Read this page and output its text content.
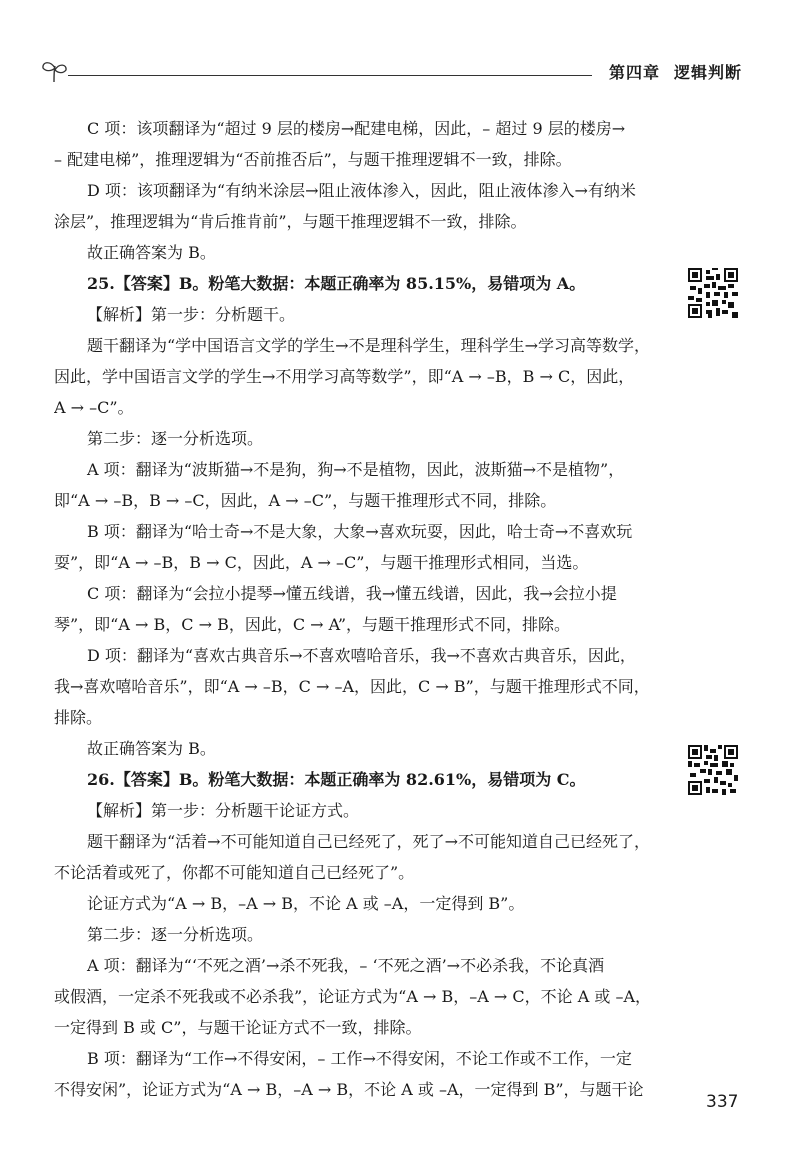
第四章 逻辑判断
C 项：该项翻译为“超过 9 层的楼房→配建电梯，因此，– 超过 9 层的楼房→
– 配建电梯”，推理逻辑为“否前推否后”，与题干推理逻辑不一致，排除。
D 项：该项翻译为“有纳米涂层→阻止液体渗入，因此，阻止液体渗入→有纳米
涂层”，推理逻辑为“肯后推肯前”，与题干推理逻辑不一致，排除。
故正确答案为 B。
25.【答案】B。粉笔大数据：本题正确率为 85.15%，易错项为 A。
【解析】第一步：分析题干。
题干翻译为“学中国语言文学的学生→不是理科学生，理科学生→学习高等数学，
因此，学中国语言文学的学生→不用学习高等数学”，即“A → –B，B → C，因此，
A → –C”。
第二步：逐一分析选项。
A 项：翻译为“波斯猫→不是狗，狗→不是植物，因此，波斯猫→不是植物”，
即“A → –B，B → –C，因此，A → –C”，与题干推理形式不同，排除。
B 项：翻译为“哈士奇→不是大象，大象→喜欢玩耍，因此，哈士奇→不喜欢玩
耍”，即“A → –B，B → C，因此，A → –C”，与题干推理形式相同，当选。
C 项：翻译为“会拉小提琴→懂五线谱，我→懂五线谱，因此，我→会拉小提
琴”，即“A → B，C → B，因此，C → A”，与题干推理形式不同，排除。
D 项：翻译为“喜欢古典音乐→不喜欢嘻哈音乐，我→不喜欢古典音乐，因此，
我→喜欢嘻哈音乐”，即“A → –B，C → –A，因此，C → B”，与题干推理形式不同，
排除。
故正确答案为 B。
26.【答案】B。粉笔大数据：本题正确率为 82.61%，易错项为 C。
【解析】第一步：分析题干论证方式。
题干翻译为“活着→不可能知道自己已经死了，死了→不可能知道自己已经死了，
不论活着或死了，你都不可能知道自己已经死了”。
论证方式为“A → B，–A → B，不论 A 或 –A，一定得到 B”。
第二步：逐一分析选项。
A 项：翻译为“‘不死之酒’→杀不死我，– ‘不死之酒’→不必杀我，不论真酒
或假酒，一定杀不死我或不必杀我”，论证方式为“A → B，–A → C，不论 A 或 –A，
一定得到 B 或 C”，与题干论证方式不一致，排除。
B 项：翻译为“工作→不得安闲，– 工作→不得安闲，不论工作或不工作，一定
不得安闲”，论证方式为“A → B，–A → B，不论 A 或 –A，一定得到 B”，与题干论
337
